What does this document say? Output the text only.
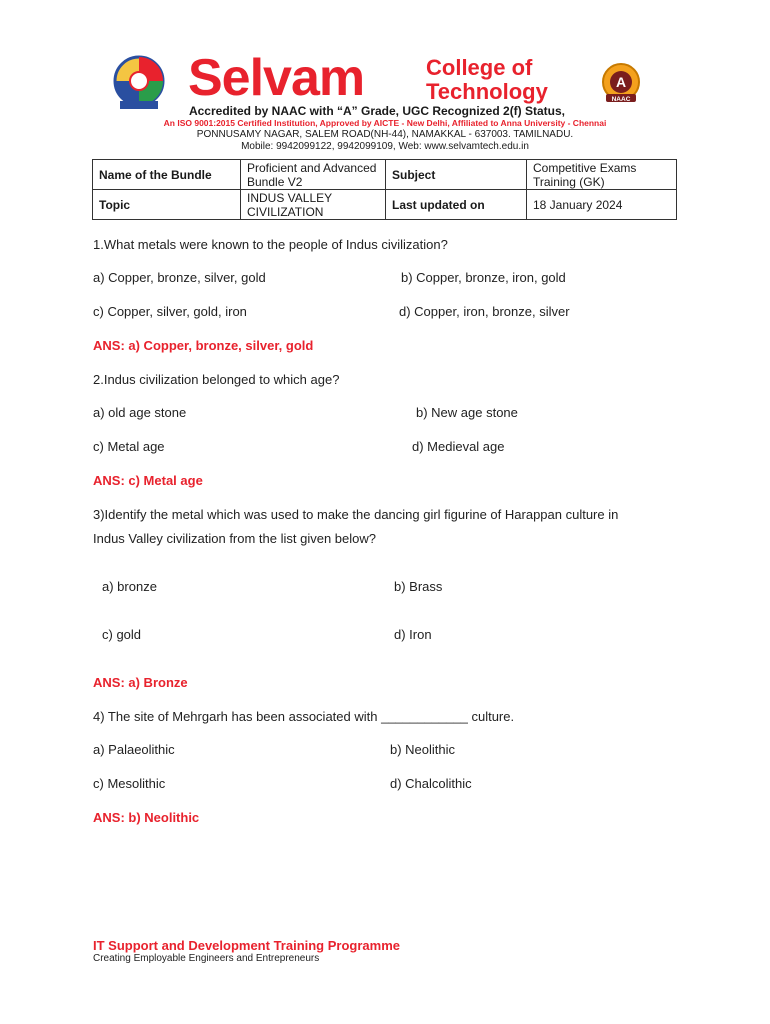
Selvam	College of
Technology	A
NAAC
Accredited by NAAC with “A” Grade, UGC Recognized 2(f) Status,
An ISO 9001:2015 Certified Institution, Approved by AICTE - New Delhi, Affiliated to Anna University - Chennai
PONNUSAMY NAGAR, SALEM ROAD(NH-44), NAMAKKAL - 637003. TAMILNADU.
Mobile: 9942099122, 9942099109, Web: www.selvamtech.edu.in
Name of the Bundle	Proficient and Advanced Bundle V2	Subject	Competitive Exams Training (GK)
Topic	INDUS VALLEY CIVILIZATION	Last updated on	18 January 2024
1.What metals were known to the people of Indus civilization?
a) Copper, bronze, silver, gold	b) Copper, bronze, iron, gold
c) Copper, silver, gold, iron	d) Copper, iron, bronze, silver
ANS: a) Copper, bronze, silver, gold
2.Indus civilization belonged to which age?
a) old age stone	b) New age stone
c) Metal age	d) Medieval age
ANS: c) Metal age
3)Identify the metal which was used to make the dancing girl figurine of Harappan culture in
Indus Valley civilization from the list given below?
a) bronze	b) Brass
c) gold	d) Iron
ANS: a) Bronze
4) The site of Mehrgarh has been associated with ____________ culture.
a) Palaeolithic	b) Neolithic
c) Mesolithic	d) Chalcolithic
ANS: b) Neolithic
IT Support and Development Training Programme
Creating Employable Engineers and Entrepreneurs
